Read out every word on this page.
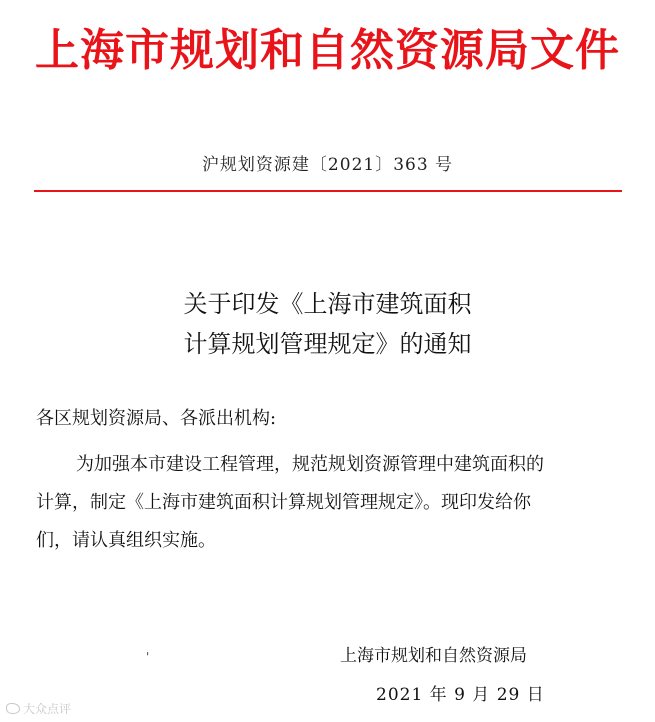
上海市规划和自然资源局文件
沪规划资源建〔2021〕363 号
关于印发《上海市建筑面积
计算规划管理规定》的通知
各区规划资源局、各派出机构:
为加强本市建设工程管理，规范规划资源管理中建筑面积的
计算，制定《上海市建筑面积计算规划管理规定》。现印发给你
们，请认真组织实施。
'	上海市规划和自然资源局
2021 年 9 月 29 日
大众点评
